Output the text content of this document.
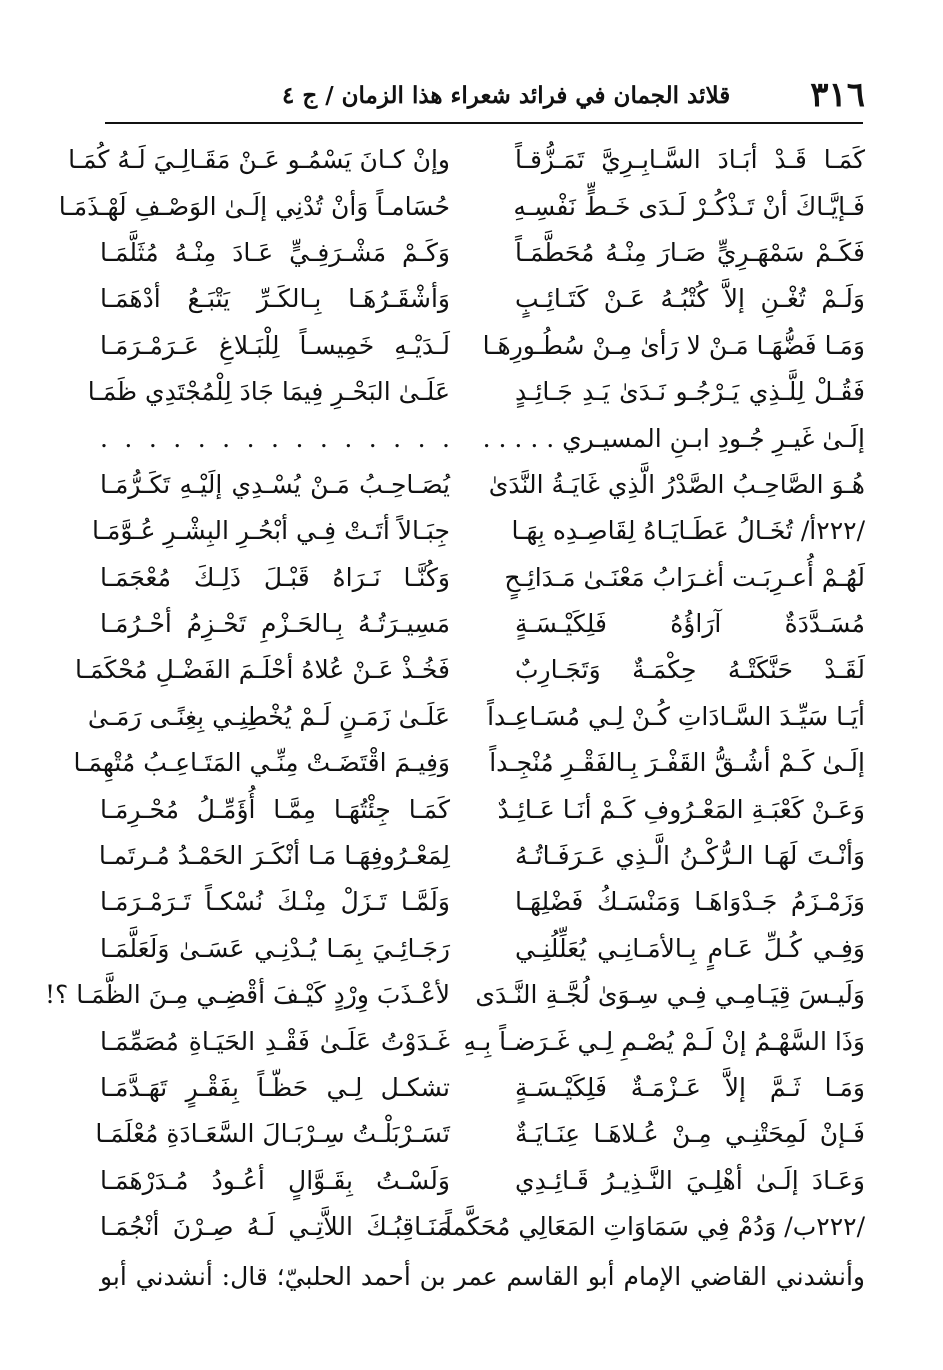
٣١٦
قلائد الجمان في فرائد شعراء هذا الزمان / ج ٤
كَمَـا قَـدْ أبَـادَ السَّـابِـرِيَّ تَمَـزُّقـاً
وإنْ كـانَ يَسْمُـو عَـنْ مَقَـالِـيَ لَـهُ كُمَـا
فَـإيَّـاكَ أنْ تَـذْكُـرْ لَـدَى خَـطٍّ نَفْسِـهِ
حُسَامـاً وَأنْ تُدْنِي إلَـىٰ الوَصْـفِ لَهْـذَمَـا
فَكَـمْ سَمْهَـرِيٍّ صَـارَ مِنْـهُ مُحَطَّمَـاً
وَكَـمْ مَشْـرَفِـيٍّ عَـادَ مِنْـهُ مُثَلَّمَـا
وَلَـمْ تُغْـنِ إلاَّ كُتْبُـهُ عَـنْ كَتَـائِـبٍ
وَأشْقَـرُهَـا بِـالكَـرِّ يَتْبَـعُ أدْهَمَـا
وَمَـا فَضُّهَـا مَـنْ لا رَأىٰ مِـنْ سُطُـورِهَـا
لَـدَيْـهِ خَمِيسـاً لِلْبَـلاغِ عَـرَمْـرَمَـا
فَقُـلْ لِلَّـذِي يَـرْجُـو نَـدَىٰ يَـدِ جَـائِـدٍ
عَلَـىٰ البَحْـرِ فِيمَا جَادَ لِلْمُجْتَدِي ظَمَـا
إلَـىٰ غَيـرِ جُـودِ ابـنِ المسيـري . . . . .
. . . . . . . . . . . . . . .
هُـوَ الصَّاحِـبُ الصَّدْرُ الَّذِي غَايَـةُ النَّدَىٰ
يُصَـاحِـبُ مَـنْ يُسْـدِي إلَيْـهِ تَكَـرُّمَـا
/٢٢٢أ/ تُخَـالُ عَطَـايَـاهُ لِقَاصِـدِه بِهَـا
جِبَـالاً أتَـتْ فِـي أبْحُـرِ البِشْـرِ عُـوَّمَـا
لَهُـمْ أُعـرِبَـت أغـرَابُ مَعْنَـىٰ مَـدَائِـحٍ
وَكُنَّـا نَـرَاهُ قَبْـلَ ذَلِـكَ مُعْجَمَـا
مُسَـدَّدَةٌ آرَاؤُهُ فَلِكَيْـسَـةٍ
مَسِيـرَتُـهُ بِـالحَـزْمِ تَحْـزِمُ أحْـرُمَـا
لَقَـدْ حَنَّكَتْـهُ حِكْمَـةٌ وَتَجَـارِبٌ
فَخُـذْ عَـنْ عُلاهُ أحْلَـمَ الفَضْـلِ مُحْكَمَـا
أيَـا سَيِّـدَ السَّـادَاتِ كُـنْ لِـي مُسَـاعِـداً
عَلَـىٰ زَمَـنٍ لَـمْ يُخْطِنِـي بِغِنًـى رَمَـىٰ
إلَـىٰ كَـمْ أشُـقُّ القَفْـرَ بِـالفَقْـرِ مُنْجِـداً
وَفِيـمَ اقْتَضَـتْ مِنِّـي المَتَـاعِـبُ مُتْهِمَـا
وَعَـنْ كَعْبَـةِ المَعْـرُوفِ كَـمْ أنَـا عَـائِـدٌ
كَمَـا جِئْتُهَـا مِمَّـا أُؤَمِّـلُ مُحْـرِمَـا
وَأنْـتَ لَهَـا الـرُّكْـنُ الَّـذِي عَـرَفَـاتُـهُ
لِمَعْـرُوفِهَـا مَـا أنْكَـرَ الحَمْـدُ مُـرتَمـا
وَزَمْـزَمُ جَـدْوَاهَـا وَمَنْسَـكُ فَضْلِهَـا
وَلَمَّـا تَـزَلْ مِنْـكَ نُسْكـاً تَـرَمْـرَمَـا
وَفِـي كُـلِّ عَـامٍ بِـالأمَـانِـي يُعَلِّلُنِـي
رَجَـائِـيَ بِمَـا يُـدْنِـي عَسَـىٰ وَلَعَلَّمَـا
وَلَيـسَ قِيَـامِـي فِـي سِـوَىٰ لُجَّـةِ النَّـدَى
لأعْـذَبَ وِرْدٍ كَيْـفَ أقْضِـي مِـنَ الظَّمَـا ؟!
وَذَا السَّهْـمُ إنْ لَـمْ يُصْـمِ لِـي غَـرَضـاً بِـهِ
غَـدَوْتُ عَلَـىٰ فَقْـدِ الحَيَـاةِ مُصَمِّمَـا
وَمَـا ثَـمَّ إلاَّ عَـزْمَـةٌ فَلِكَيْـسَـةٍ
تشكـل لِـي حَظّـاً بِفَقْـرٍ تَهَـدَّمَـا
فَـإنْ لَمِحَتْنِـي مِـنْ عُـلاهَـا عِنَـايَـةٌ
تَسَـرْبَلْـتُ سِـرْبَـالَ السَّعَـادَةِ مُعْلَمَـا
وَعَـادَ إلَـىٰ أهْلِـيَ النَّـذِيـرُ قَـائِـدِي
وَلَسْـتُ بِقَـوَّالٍ أعُـودُ مُـدَرْهَمَـا
/٢٢٢ب/ وَدُمْ فِي سَمَاوَاتِ المَعَالِي مُحَكَّماً
مَنَـاقِبُـكَ اللاَّتِـي لَـهُ صِـرْنَ أنْجُمَـا
وأنشدني القاضي الإمام أبو القاسم عمر بن أحمد الحلبيّ؛ قال: أنشدني أبو
